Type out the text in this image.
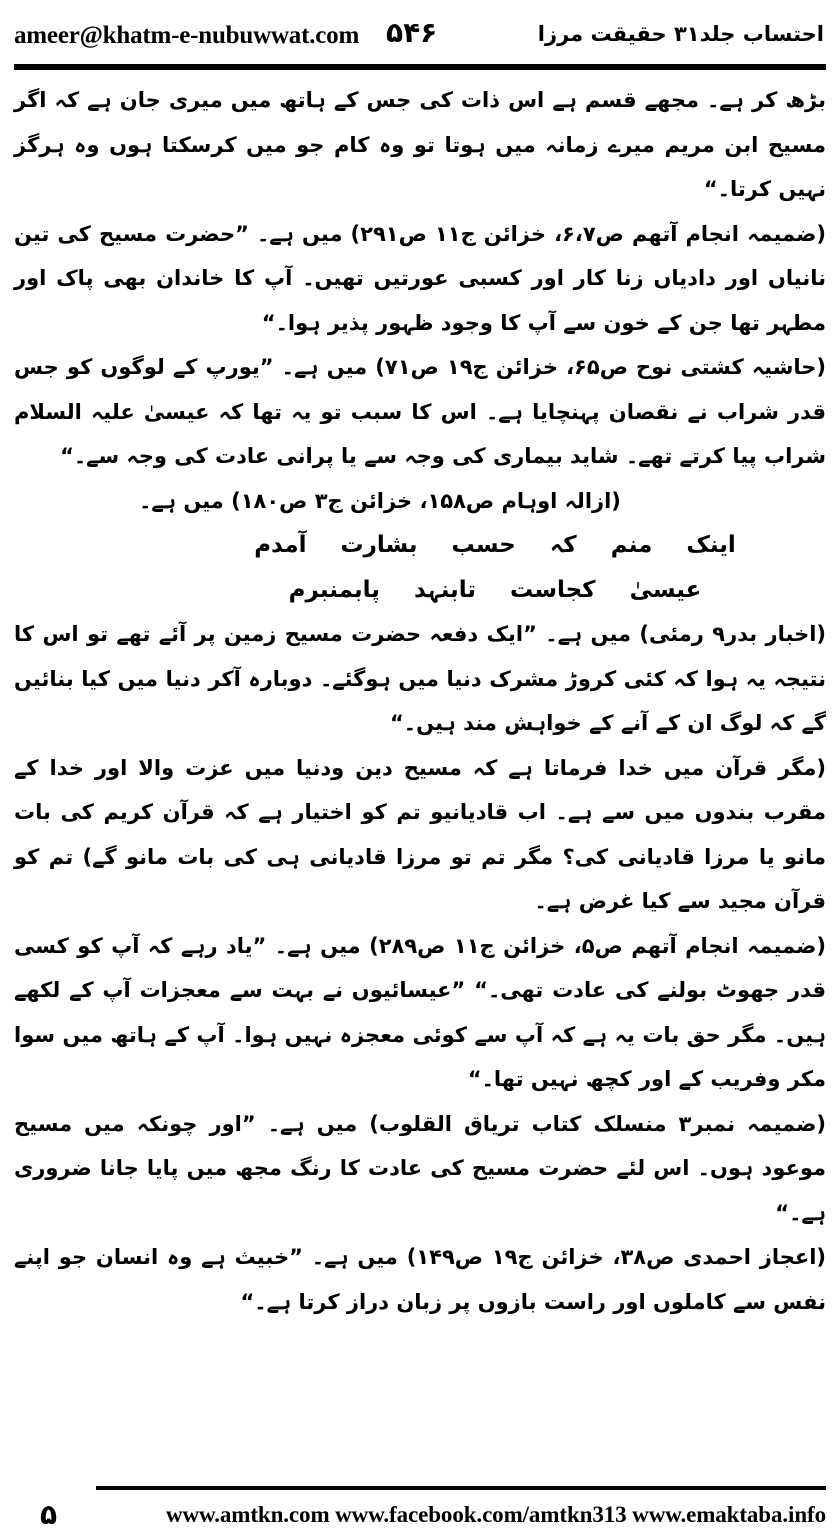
ameer@khatm-e-nubuwwat.com ۵۴۶	احتساب جلد۳۱ حقیقت مرزا

بڑھ کر ہے۔ مجھے قسم ہے اس ذات کی جس کے ہاتھ میں میری جان ہے کہ اگر مسیح ابن مریم میرے زمانہ میں ہوتا تو وہ کام جو میں کرسکتا ہوں وہ ہرگز نہیں کرتا۔“

(ضمیمہ انجام آتھم ص۶،۷، خزائن ج۱۱ ص۲۹۱) میں ہے۔ ”حضرت مسیح کی تین نانیاں اور دادیاں زنا کار اور کسبی عورتیں تھیں۔ آپ کا خاندان بھی پاک اور مطہر تھا جن کے خون سے آپ کا وجود ظہور پذیر ہوا۔“

(حاشیہ کشتی نوح ص۶۵، خزائن ج۱۹ ص۷۱) میں ہے۔ ”یورپ کے لوگوں کو جس قدر شراب نے نقصان پہنچایا ہے۔ اس کا سبب تو یہ تھا کہ عیسیٰ علیہ السلام شراب پیا کرتے تھے۔ شاید بیماری کی وجہ سے یا پرانی عادت کی وجہ سے۔“

(ازالہ اوہام ص۱۵۸، خزائن ج۳ ص۱۸۰) میں ہے۔

اینک
منم
کہ
حسب
بشارت
آمدم
عیسیٰ
کجاست
تابنہد
پابمنبرم

(اخبار بدر۹ رمئی) میں ہے۔ ”ایک دفعہ حضرت مسیح زمین پر آئے تھے تو اس کا نتیجہ یہ ہوا کہ کئی کروڑ مشرک دنیا میں ہوگئے۔ دوبارہ آکر دنیا میں کیا بنائیں گے کہ لوگ ان کے آنے کے خواہش مند ہیں۔“

(مگر قرآن میں خدا فرماتا ہے کہ مسیح دین ودنیا میں عزت والا اور خدا کے مقرب بندوں میں سے ہے۔ اب قادیانیو تم کو اختیار ہے کہ قرآن کریم کی بات مانو یا مرزا قادیانی کی؟ مگر تم تو مرزا قادیانی ہی کی بات مانو گے) تم کو قرآن مجید سے کیا غرض ہے۔

(ضمیمہ انجام آتھم ص۵، خزائن ج۱۱ ص۲۸۹) میں ہے۔ ”یاد رہے کہ آپ کو کسی قدر جھوٹ بولنے کی عادت تھی۔“ ”عیسائیوں نے بہت سے معجزات آپ کے لکھے ہیں۔ مگر حق بات یہ ہے کہ آپ سے کوئی معجزہ نہیں ہوا۔ آپ کے ہاتھ میں سوا مکر وفریب کے اور کچھ نہیں تھا۔“

(ضمیمہ نمبر۳ منسلک کتاب تریاق القلوب) میں ہے۔ ”اور چونکہ میں مسیح موعود ہوں۔ اس لئے حضرت مسیح کی عادت کا رنگ مجھ میں پایا جانا ضروری ہے۔“

(اعجاز احمدی ص۳۸، خزائن ج۱۹ ص۱۴۹) میں ہے۔ ”خبیث ہے وہ انسان جو اپنے نفس سے کاملوں اور راست بازوں پر زبان دراز کرتا ہے۔“

۵	www.amtkn.com www.facebook.com/amtkn313 www.emaktaba.info
